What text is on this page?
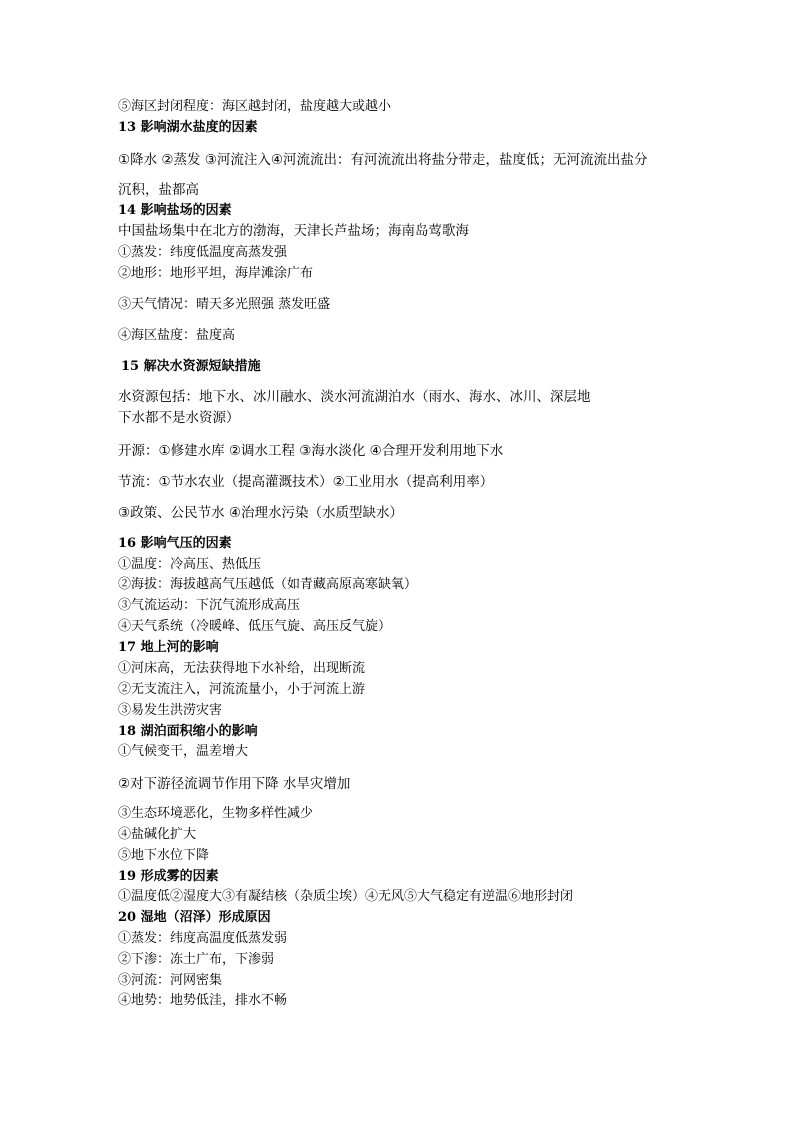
⑤海区封闭程度：海区越封闭，盐度越大或越小
13 影响湖水盐度的因素
①降水 ②蒸发 ③河流注入④河流流出：有河流流出将盐分带走，盐度低；无河流流出盐分
沉积，盐都高
14 影响盐场的因素
中国盐场集中在北方的渤海，天津长芦盐场；海南岛莺歌海
①蒸发：纬度低温度高蒸发强
②地形：地形平坦，海岸滩涂广布
③天气情况：晴天多光照强 蒸发旺盛
④海区盐度：盐度高
15 解决水资源短缺措施
水资源包括：地下水、冰川融水、淡水河流湖泊水（雨水、海水、冰川、深层地
下水都不是水资源）
开源：①修建水库 ②调水工程 ③海水淡化 ④合理开发利用地下水
节流：①节水农业（提高灌溉技术）②工业用水（提高利用率）
③政策、公民节水 ④治理水污染（水质型缺水）
16 影响气压的因素
①温度：冷高压、热低压
②海拔：海拔越高气压越低（如青藏高原高寒缺氧）
③气流运动：下沉气流形成高压
④天气系统（冷暖峰、低压气旋、高压反气旋）
17 地上河的影响
①河床高，无法获得地下水补给，出现断流
②无支流注入，河流流量小，小于河流上游
③易发生洪涝灾害
18 湖泊面积缩小的影响
①气候变干，温差增大
②对下游径流调节作用下降 水旱灾增加
③生态环境恶化，生物多样性减少
④盐碱化扩大
⑤地下水位下降
19 形成雾的因素
①温度低②湿度大③有凝结核（杂质尘埃）④无风⑤大气稳定有逆温⑥地形封闭
20 湿地（沼泽）形成原因
①蒸发：纬度高温度低蒸发弱
②下渗：冻土广布，下渗弱
③河流：河网密集
④地势：地势低洼，排水不畅
